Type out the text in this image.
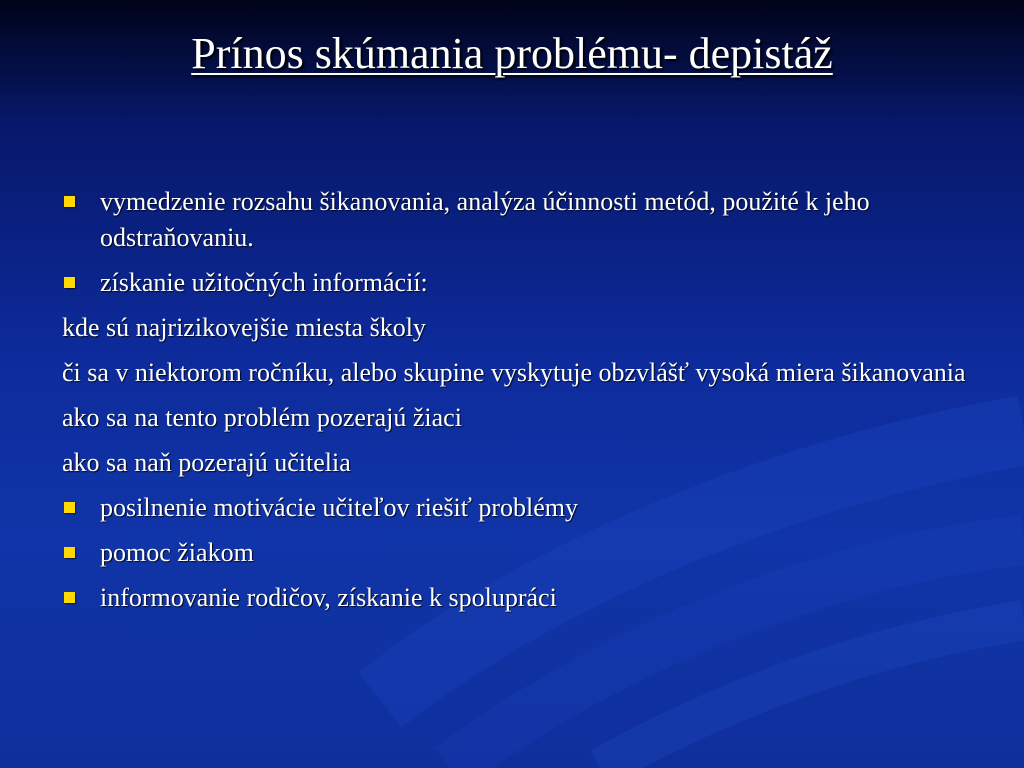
Prínos skúmania problému- depistáž
vymedzenie rozsahu šikanovania, analýza účinnosti metód, použité k jeho odstraňovaniu.
získanie užitočných informácií:
kde sú najrizikovejšie miesta školy
či sa v niektorom ročníku, alebo skupine vyskytuje obzvlášť vysoká miera šikanovania
ako sa na tento problém pozerajú žiaci
ako sa naň pozerajú učitelia
posilnenie motivácie učiteľov riešiť problémy
pomoc žiakom
informovanie rodičov, získanie k spolupráci
